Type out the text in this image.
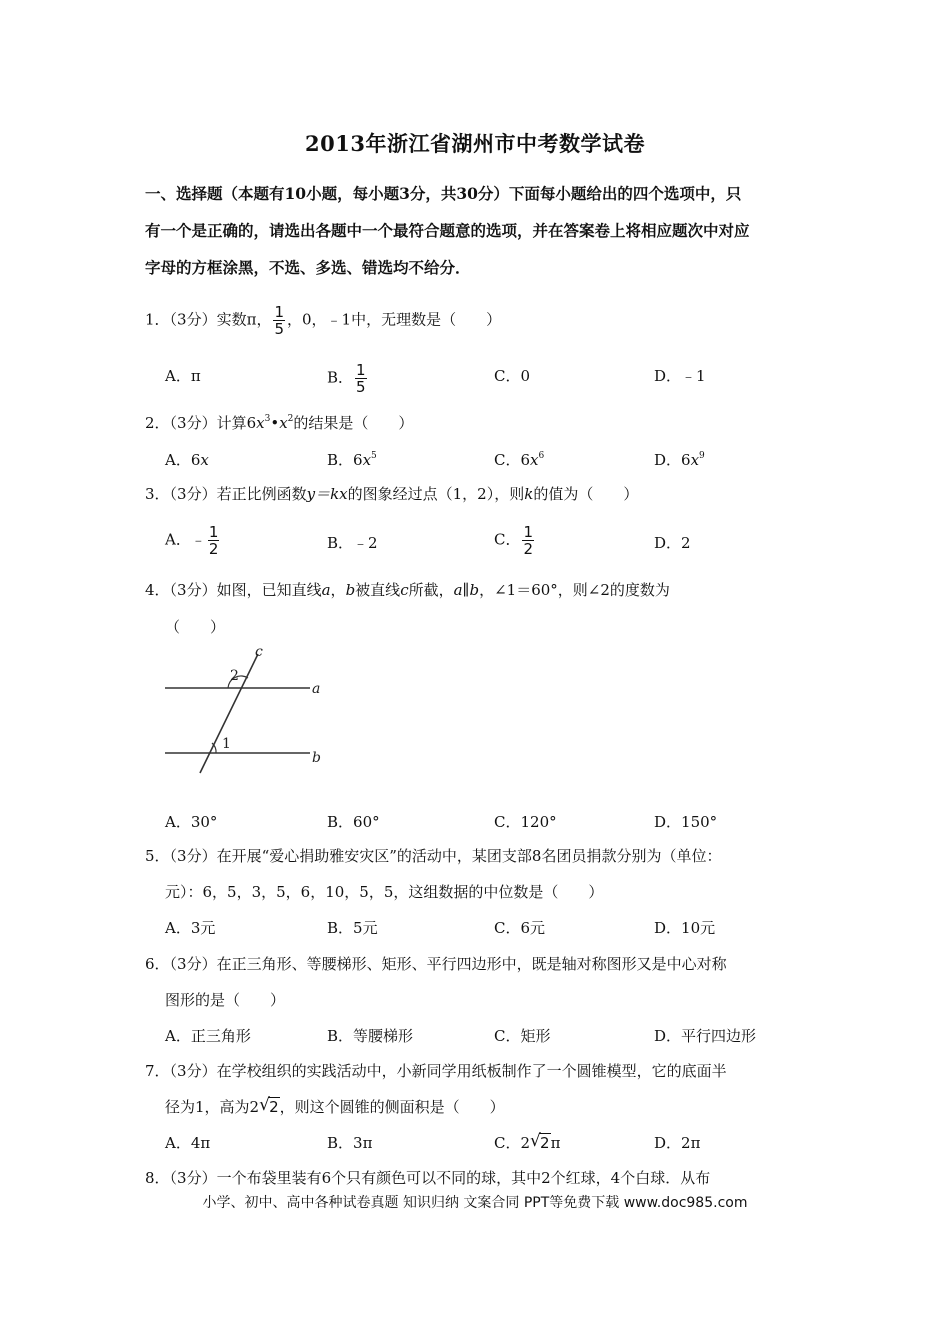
2013年浙江省湖州市中考数学试卷
一、选择题（本题有10小题，每小题3分，共30分）下面每小题给出的四个选项中，只
有一个是正确的，请选出各题中一个最符合题意的选项，并在答案卷上将相应题次中对应
字母的方框涂黑，不选、多选、错选均不给分．
1．（3分）实数π， $\frac{1}{5}$ ，0，﹣1中，无理数是（　　）
A．π	B． $\frac{1}{5}$	C．0	D．﹣1
2．（3分）计算$6x^3•x^2$的结果是（　　）
A．6x	B．$6x^5$	C．$6x^6$	D．$6x^9$
3．（3分）若正比例函数y＝kx的图象经过点（1，2），则k的值为（　　）
A．﹣ $\frac{1}{2}$	B．﹣2	C． $\frac{1}{2}$	D．2
4．（3分）如图，已知直线a，b被直线c所截，a∥b，∠1＝60°，则∠2的度数为
（　　）
c
2
a
1
b
A．30°	B．60°	C．120°	D．150°
5．（3分）在开展“爱心捐助雅安灾区”的活动中，某团支部8名团员捐款分别为（单位：
元）：6，5，3，5，6，10，5，5，这组数据的中位数是（　　）
A．3元	B．5元	C．6元	D．10元
6．（3分）在正三角形、等腰梯形、矩形、平行四边形中，既是轴对称图形又是中心对称
图形的是（　　）
A．正三角形	B．等腰梯形	C．矩形	D．平行四边形
7．（3分）在学校组织的实践活动中，小新同学用纸板制作了一个圆锥模型，它的底面半
径为1，高为2 √ 2，则这个圆锥的侧面积是（　　）
A．4π	B．3π	C．2 √ 2π	D．2π
8．（3分）一个布袋里装有6个只有颜色可以不同的球，其中2个红球，4个白球．从布
小学、初中、高中各种试卷真题 知识归纳 文案合同 PPT等免费下载 www.doc985.com
